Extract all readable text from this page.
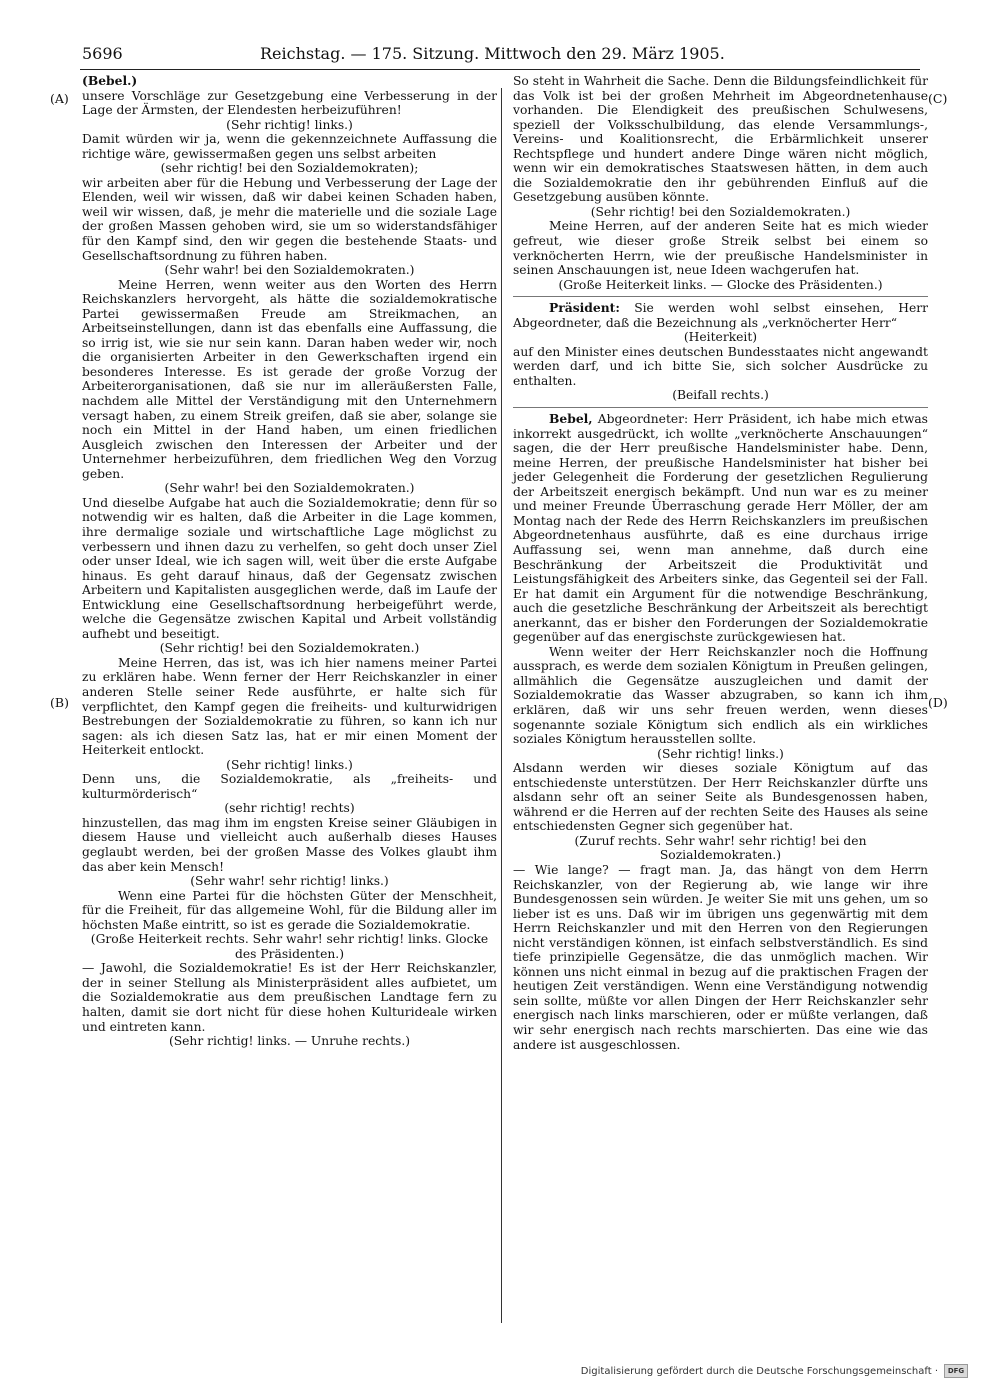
5696	Reichstag. — 175. Sitzung. Mittwoch den 29. März 1905.

(Bebel.)

unsere Vorschläge zur Gesetzgebung eine Verbesserung in der Lage der Ärmsten, der Elendesten herbeizuführen!

(Sehr richtig! links.)

Damit würden wir ja, wenn die gekennzeichnete Auffassung die richtige wäre, gewissermaßen gegen uns selbst arbeiten

(sehr richtig! bei den Sozialdemokraten);

wir arbeiten aber für die Hebung und Verbesserung der Lage der Elenden, weil wir wissen, daß wir dabei keinen Schaden haben, weil wir wissen, daß, je mehr die materielle und die soziale Lage der großen Massen gehoben wird, sie um so widerstandsfähiger für den Kampf sind, den wir gegen die bestehende Staats- und Gesellschaftsordnung zu führen haben.

(Sehr wahr! bei den Sozialdemokraten.)

Meine Herren, wenn weiter aus den Worten des Herrn Reichskanzlers hervorgeht, als hätte die sozialdemokratische Partei gewissermaßen Freude am Streikmachen, an Arbeitseinstellungen, dann ist das ebenfalls eine Auffassung, die so irrig ist, wie sie nur sein kann. Daran haben weder wir, noch die organisierten Arbeiter in den Gewerkschaften irgend ein besonderes Interesse. Es ist gerade der große Vorzug der Arbeiterorganisationen, daß sie nur im alleräußersten Falle, nachdem alle Mittel der Verständigung mit den Unternehmern versagt haben, zu einem Streik greifen, daß sie aber, solange sie noch ein Mittel in der Hand haben, um einen friedlichen Ausgleich zwischen den Interessen der Arbeiter und der Unternehmer herbeizuführen, dem friedlichen Weg den Vorzug geben.

(Sehr wahr! bei den Sozialdemokraten.)

Und dieselbe Aufgabe hat auch die Sozialdemokratie; denn für so notwendig wir es halten, daß die Arbeiter in die Lage kommen, ihre dermalige soziale und wirtschaftliche Lage möglichst zu verbessern und ihnen dazu zu verhelfen, so geht doch unser Ziel oder unser Ideal, wie ich sagen will, weit über die erste Aufgabe hinaus. Es geht darauf hinaus, daß der Gegensatz zwischen Arbeitern und Kapitalisten ausgeglichen werde, daß im Laufe der Entwicklung eine Gesellschaftsordnung herbeigeführt werde, welche die Gegensätze zwischen Kapital und Arbeit vollständig aufhebt und beseitigt.

(Sehr richtig! bei den Sozialdemokraten.)

Meine Herren, das ist, was ich hier namens meiner Partei zu erklären habe. Wenn ferner der Herr Reichskanzler in einer anderen Stelle seiner Rede ausführte, er halte sich für verpflichtet, den Kampf gegen die freiheits- und kulturwidrigen Bestrebungen der Sozialdemokratie zu führen, so kann ich nur sagen: als ich diesen Satz las, hat er mir einen Moment der Heiterkeit entlockt.

(Sehr richtig! links.)

Denn uns, die Sozialdemokratie, als „freiheits- und kulturmörderisch“

(sehr richtig! rechts)

hinzustellen, das mag ihm im engsten Kreise seiner Gläubigen in diesem Hause und vielleicht auch außerhalb dieses Hauses geglaubt werden, bei der großen Masse des Volkes glaubt ihm das aber kein Mensch!

(Sehr wahr! sehr richtig! links.)

Wenn eine Partei für die höchsten Güter der Menschheit, für die Freiheit, für das allgemeine Wohl, für die Bildung aller im höchsten Maße eintritt, so ist es gerade die Sozialdemokratie.

(Große Heiterkeit rechts. Sehr wahr! sehr richtig! links. Glocke des Präsidenten.)

— Jawohl, die Sozialdemokratie! Es ist der Herr Reichskanzler, der in seiner Stellung als Ministerpräsident alles aufbietet, um die Sozialdemokratie aus dem preußischen Landtage fern zu halten, damit sie dort nicht für diese hohen Kulturideale wirken und eintreten kann.

(Sehr richtig! links. — Unruhe rechts.)

So steht in Wahrheit die Sache. Denn die Bildungsfeindlichkeit für das Volk ist bei der großen Mehrheit im Abgeordnetenhause vorhanden. Die Elendigkeit des preußischen Schulwesens, speziell der Volksschulbildung, das elende Versammlungs-, Vereins- und Koalitionsrecht, die Erbärmlichkeit unserer Rechtspflege und hundert andere Dinge wären nicht möglich, wenn wir ein demokratisches Staatswesen hätten, in dem auch die Sozialdemokratie den ihr gebührenden Einfluß auf die Gesetzgebung ausüben könnte.

(Sehr richtig! bei den Sozialdemokraten.)

Meine Herren, auf der anderen Seite hat es mich wieder gefreut, wie dieser große Streik selbst bei einem so verknöcherten Herrn, wie der preußische Handelsminister in seinen Anschauungen ist, neue Ideen wachgerufen hat.

(Große Heiterkeit links. — Glocke des Präsidenten.)

Präsident: Sie werden wohl selbst einsehen, Herr Abgeordneter, daß die Bezeichnung als „verknöcherter Herr“

(Heiterkeit)

auf den Minister eines deutschen Bundesstaates nicht angewandt werden darf, und ich bitte Sie, sich solcher Ausdrücke zu enthalten.

(Beifall rechts.)

Bebel, Abgeordneter: Herr Präsident, ich habe mich etwas inkorrekt ausgedrückt, ich wollte „verknöcherte Anschauungen“ sagen, die der Herr preußische Handelsminister habe. Denn, meine Herren, der preußische Handelsminister hat bisher bei jeder Gelegenheit die Forderung der gesetzlichen Regulierung der Arbeitszeit energisch bekämpft. Und nun war es zu meiner und meiner Freunde Überraschung gerade Herr Möller, der am Montag nach der Rede des Herrn Reichskanzlers im preußischen Abgeordnetenhaus ausführte, daß es eine durchaus irrige Auffassung sei, wenn man annehme, daß durch eine Beschränkung der Arbeitszeit die Produktivität und Leistungsfähigkeit des Arbeiters sinke, das Gegenteil sei der Fall. Er hat damit ein Argument für die notwendige Beschränkung, auch die gesetzliche Beschränkung der Arbeitszeit als berechtigt anerkannt, das er bisher den Forderungen der Sozialdemokratie gegenüber auf das energischste zurückgewiesen hat.

Wenn weiter der Herr Reichskanzler noch die Hoffnung aussprach, es werde dem sozialen Königtum in Preußen gelingen, allmählich die Gegensätze auszugleichen und damit der Sozialdemokratie das Wasser abzugraben, so kann ich ihm erklären, daß wir uns sehr freuen werden, wenn dieses sogenannte soziale Königtum sich endlich als ein wirkliches soziales Königtum herausstellen sollte.

(Sehr richtig! links.)

Alsdann werden wir dieses soziale Königtum auf das entschiedenste unterstützen. Der Herr Reichskanzler dürfte uns alsdann sehr oft an seiner Seite als Bundesgenossen haben, während er die Herren auf der rechten Seite des Hauses als seine entschiedensten Gegner sich gegenüber hat.

(Zuruf rechts. Sehr wahr! sehr richtig! bei den Sozialdemokraten.)

— Wie lange? — fragt man. Ja, das hängt von dem Herrn Reichskanzler, von der Regierung ab, wie lange wir ihre Bundesgenossen sein würden. Je weiter Sie mit uns gehen, um so lieber ist es uns. Daß wir im übrigen uns gegenwärtig mit dem Herrn Reichskanzler und mit den Herren von den Regierungen nicht verständigen können, ist einfach selbstverständlich. Es sind tiefe prinzipielle Gegensätze, die das unmöglich machen. Wir können uns nicht einmal in bezug auf die praktischen Fragen der heutigen Zeit verständigen. Wenn eine Verständigung notwendig sein sollte, müßte vor allen Dingen der Herr Reichskanzler sehr energisch nach links marschieren, oder er müßte verlangen, daß wir sehr energisch nach rechts marschierten. Das eine wie das andere ist ausgeschlossen.

(A)
(B)
(C)
(D)
Digitalisierung gefördert durch die Deutsche Forschungsgemeinschaft ·	DFG
